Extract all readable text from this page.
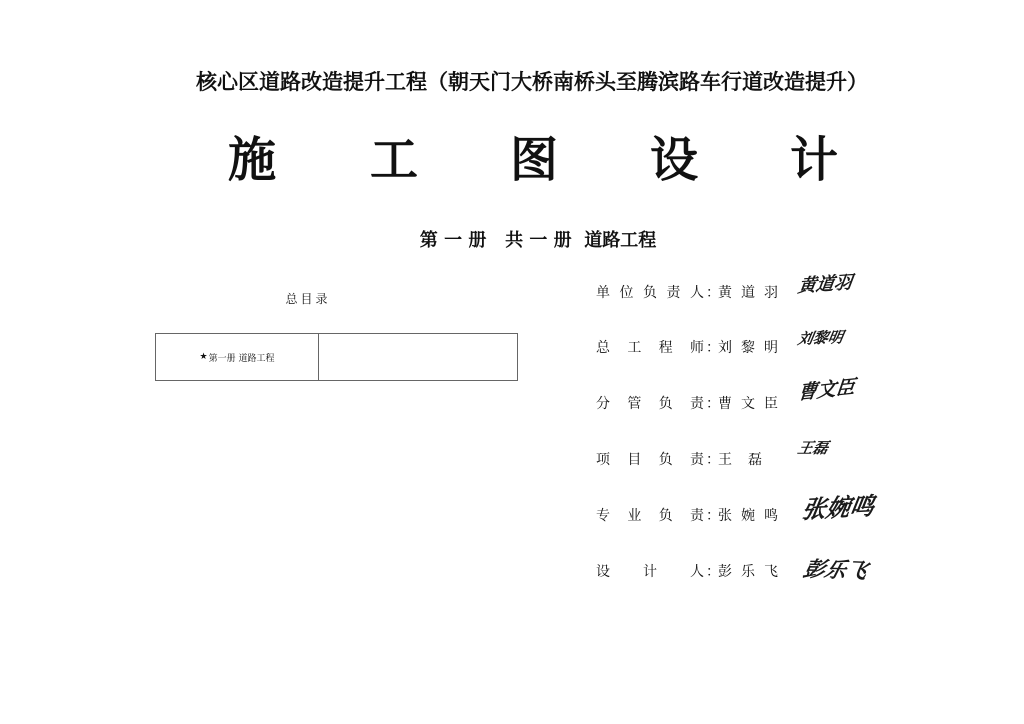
核心区道路改造提升工程（朝天门大桥南桥头至腾滨路车行道改造提升）
施 工 图 设 计
第 一 册   共 一 册  道路工程
总目录
★ 第一册 道路工程
单 位 负 责 人 ：
黄 道 羽 黄道羽
总 工 程 师 ：
刘 黎 明
刘黎明
分 管 负 责 ：
曹 文 臣 曹文臣
项 目 负 责 ：
王 磊
王磊
专 业 负 责 ：
张 婉 鸣 张婉鸣
设 计 人 ：
彭 乐 飞 彭乐飞
